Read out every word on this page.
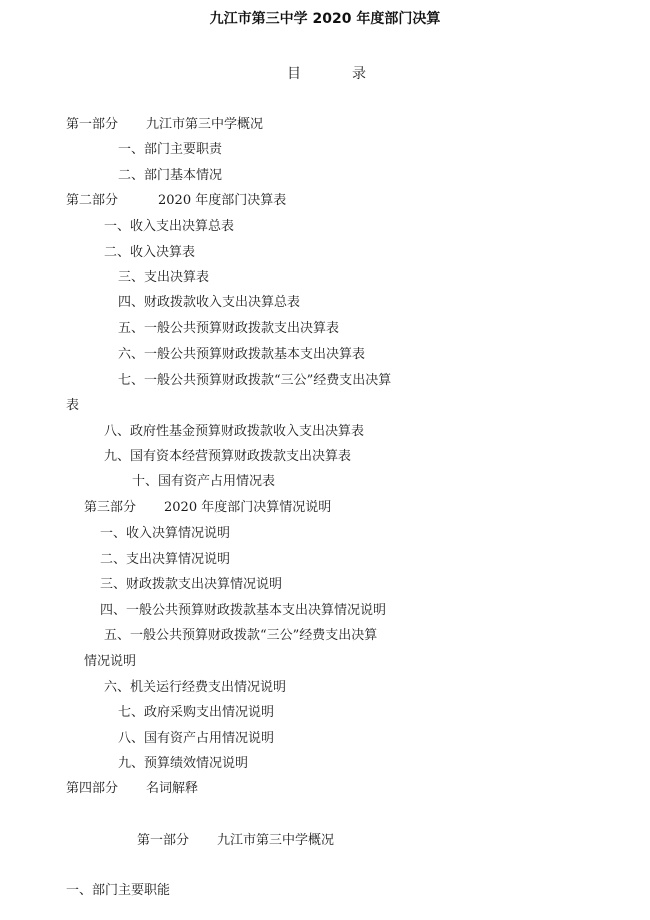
九江市第三中学 2020 年度部门决算
目	录
第一部分 九江市第三中学概况
一、部门主要职责
二、部门基本情况
第二部分	2020 年度部门决算表
一、收入支出决算总表
二、收入决算表
三、支出决算表
四、财政拨款收入支出决算总表
五、一般公共预算财政拨款支出决算表
六、一般公共预算财政拨款基本支出决算表
七、一般公共预算财政拨款“三公”经费支出决算
表
八、政府性基金预算财政拨款收入支出决算表
九、国有资本经营预算财政拨款支出决算表
十、国有资产占用情况表
第三部分 2020 年度部门决算情况说明
一、收入决算情况说明
二、支出决算情况说明
三、财政拨款支出决算情况说明
四、一般公共预算财政拨款基本支出决算情况说明
五、一般公共预算财政拨款“三公”经费支出决算
情况说明
六、机关运行经费支出情况说明
七、政府采购支出情况说明
八、国有资产占用情况说明
九、预算绩效情况说明
第四部分 名词解释
第一部分 九江市第三中学概况
一、部门主要职能
